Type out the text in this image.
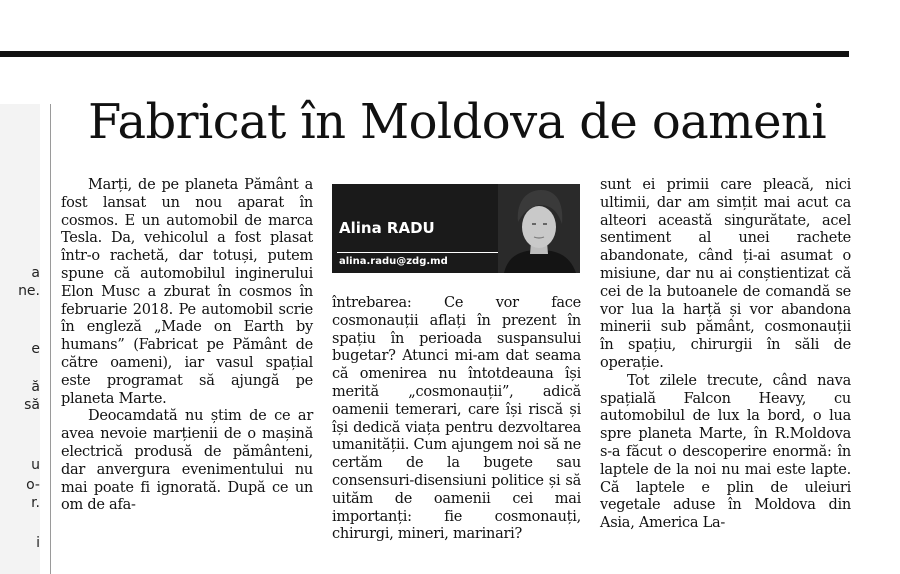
a
ne.
e
ă
să
u
o-
r.
i
Fabricat în Moldova de oameni

Marți, de pe planeta Pământ a fost lansat un nou aparat în cosmos. E un automobil de marca Tesla. Da, vehicolul a fost plasat într-o rachetă, dar totuși, putem spune că automobilul inginerului Elon Musc a zburat în cosmos în februarie 2018. Pe automobil scrie în engleză „Made on Earth by humans” (Fabricat pe Pământ de către oameni), iar vasul spațial este programat să ajungă pe planeta Marte.

Deocamdată nu știm de ce ar avea nevoie marțienii de o mașină electrică produsă de pământeni, dar anvergura evenimentului nu mai poate fi ignorată. După ce un om de afa-

Alina RADU
alina.radu@zdg.md

întrebarea: Ce vor face cosmonauții aflați în prezent în spațiu în perioada suspansului bugetar? Atunci mi-am dat seama că omenirea nu întotdeauna își merită „cosmonauții”, adică oamenii temerari, care își riscă și își dedică viața pentru dezvoltarea umanității. Cum ajungem noi să ne certăm de la bugete sau consensuri-disensiuni politice și să uităm de oamenii cei mai importanți: fie cosmonauți, chirurgi, mineri, marinari?

sunt ei primii care pleacă, nici ultimii, dar am simțit mai acut ca alteori această singurătate, acel sentiment al unei rachete abandonate, când ți-ai asumat o misiune, dar nu ai conștientizat că cei de la butoanele de comandă se vor lua la harță și vor abandona minerii sub pământ, cosmonauții în spațiu, chirurgii în săli de operație.

Tot zilele trecute, când nava spațială Falcon Heavy, cu automobilul de lux la bord, o lua spre planeta Marte, în R.Moldova s-a făcut o descoperire enormă: în laptele de la noi nu mai este lapte. Că laptele e plin de uleiuri vegetale aduse în Moldova din Asia, America La-
